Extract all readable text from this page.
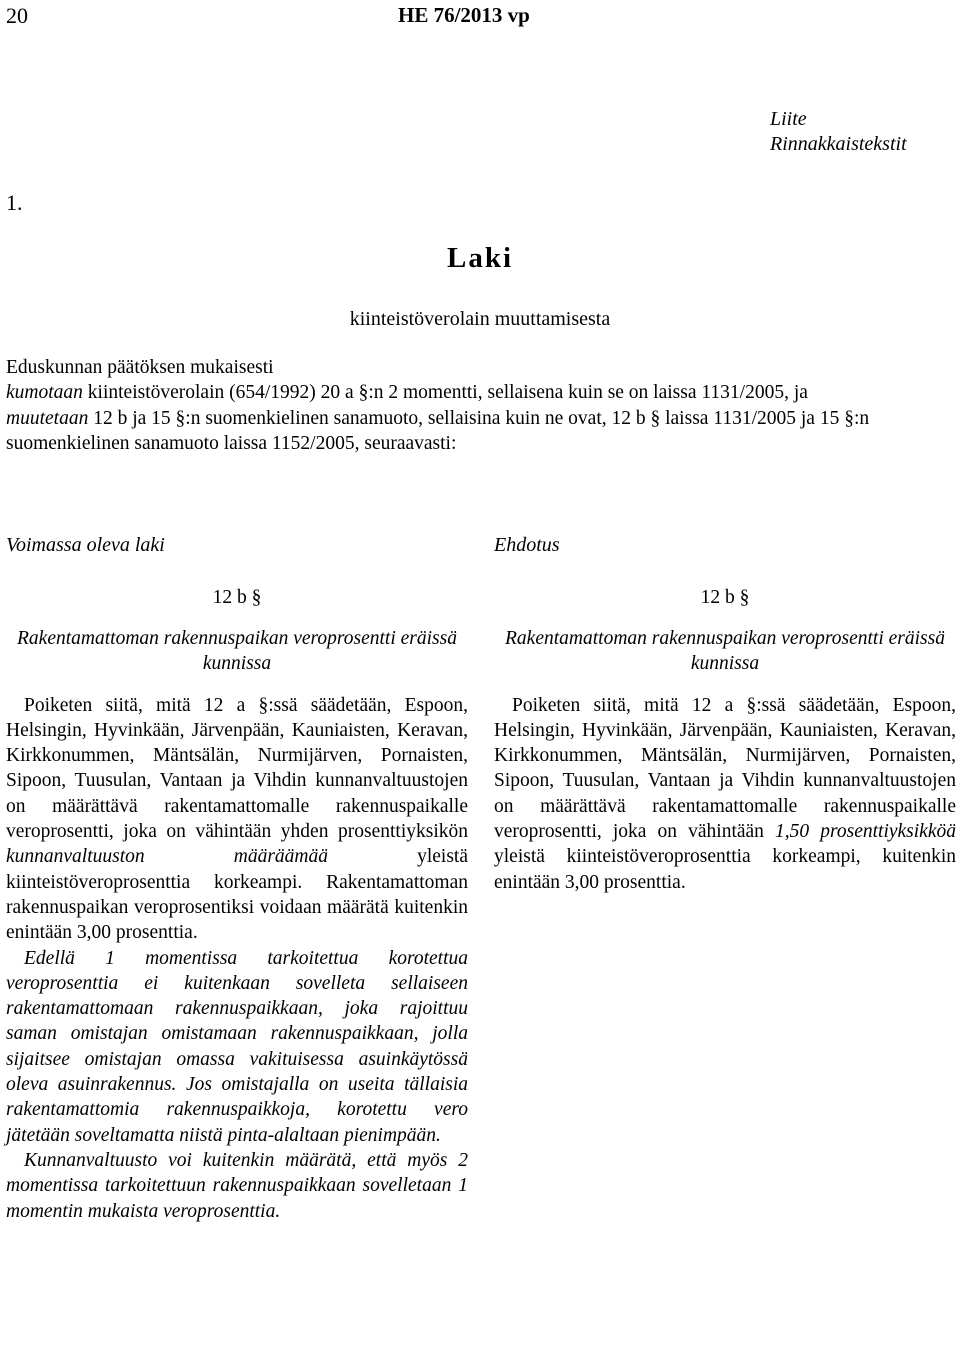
20	HE 76/2013 vp
Liite
Rinnakkaistekstit
1.
Laki
kiinteistöverolain muuttamisesta

Eduskunnan päätöksen mukaisesti

kumotaan kiinteistöverolain (654/1992) 20 a §:n 2 momentti, sellaisena kuin se on laissa 1131/2005, ja

muutetaan 12 b ja 15 §:n suomenkielinen sanamuoto, sellaisina kuin ne ovat, 12 b § laissa 1131/2005 ja 15 §:n suomenkielinen sanamuoto laissa 1152/2005, seuraavasti:

Voimassa oleva laki
12 b §
Rakentamattoman rakennuspaikan veroprosentti eräissä kunnissa

Poiketen siitä, mitä 12 a §:ssä säädetään, Espoon, Helsingin, Hyvinkään, Järvenpään, Kauniaisten, Keravan, Kirkkonummen, Mäntsälän, Nurmijärven, Pornaisten, Sipoon, Tuusulan, Vantaan ja Vihdin kunnanvaltuustojen on määrättävä rakentamattomalle rakennuspaikalle veroprosentti, joka on vähintään yhden prosenttiyksikön kunnanvaltuuston määräämää yleistä kiinteistöveroprosenttia korkeampi. Rakentamattoman rakennuspaikan veroprosentiksi voidaan määrätä kuitenkin enintään 3,00 prosenttia.

Edellä 1 momentissa tarkoitettua korotettua veroprosenttia ei kuitenkaan sovelleta sellaiseen rakentamattomaan rakennuspaikkaan, joka rajoittuu saman omistajan omistamaan rakennuspaikkaan, jolla sijaitsee omistajan omassa vakituisessa asuinkäytössä oleva asuinrakennus. Jos omistajalla on useita tällaisia rakentamattomia rakennuspaikkoja, korotettu vero jätetään soveltamatta niistä pinta-alaltaan pienimpään.

Kunnanvaltuusto voi kuitenkin määrätä, että myös 2 momentissa tarkoitettuun rakennuspaikkaan sovelletaan 1 momentin mukaista veroprosenttia.

Ehdotus
12 b §
Rakentamattoman rakennuspaikan veroprosentti eräissä kunnissa

Poiketen siitä, mitä 12 a §:ssä säädetään, Espoon, Helsingin, Hyvinkään, Järvenpään, Kauniaisten, Keravan, Kirkkonummen, Mäntsälän, Nurmijärven, Pornaisten, Sipoon, Tuusulan, Vantaan ja Vihdin kunnanvaltuustojen on määrättävä rakentamattomalle rakennuspaikalle veroprosentti, joka on vähintään 1,50 prosenttiyksikköä yleistä kiinteistöveroprosenttia korkeampi, kuitenkin enintään 3,00 prosenttia.
